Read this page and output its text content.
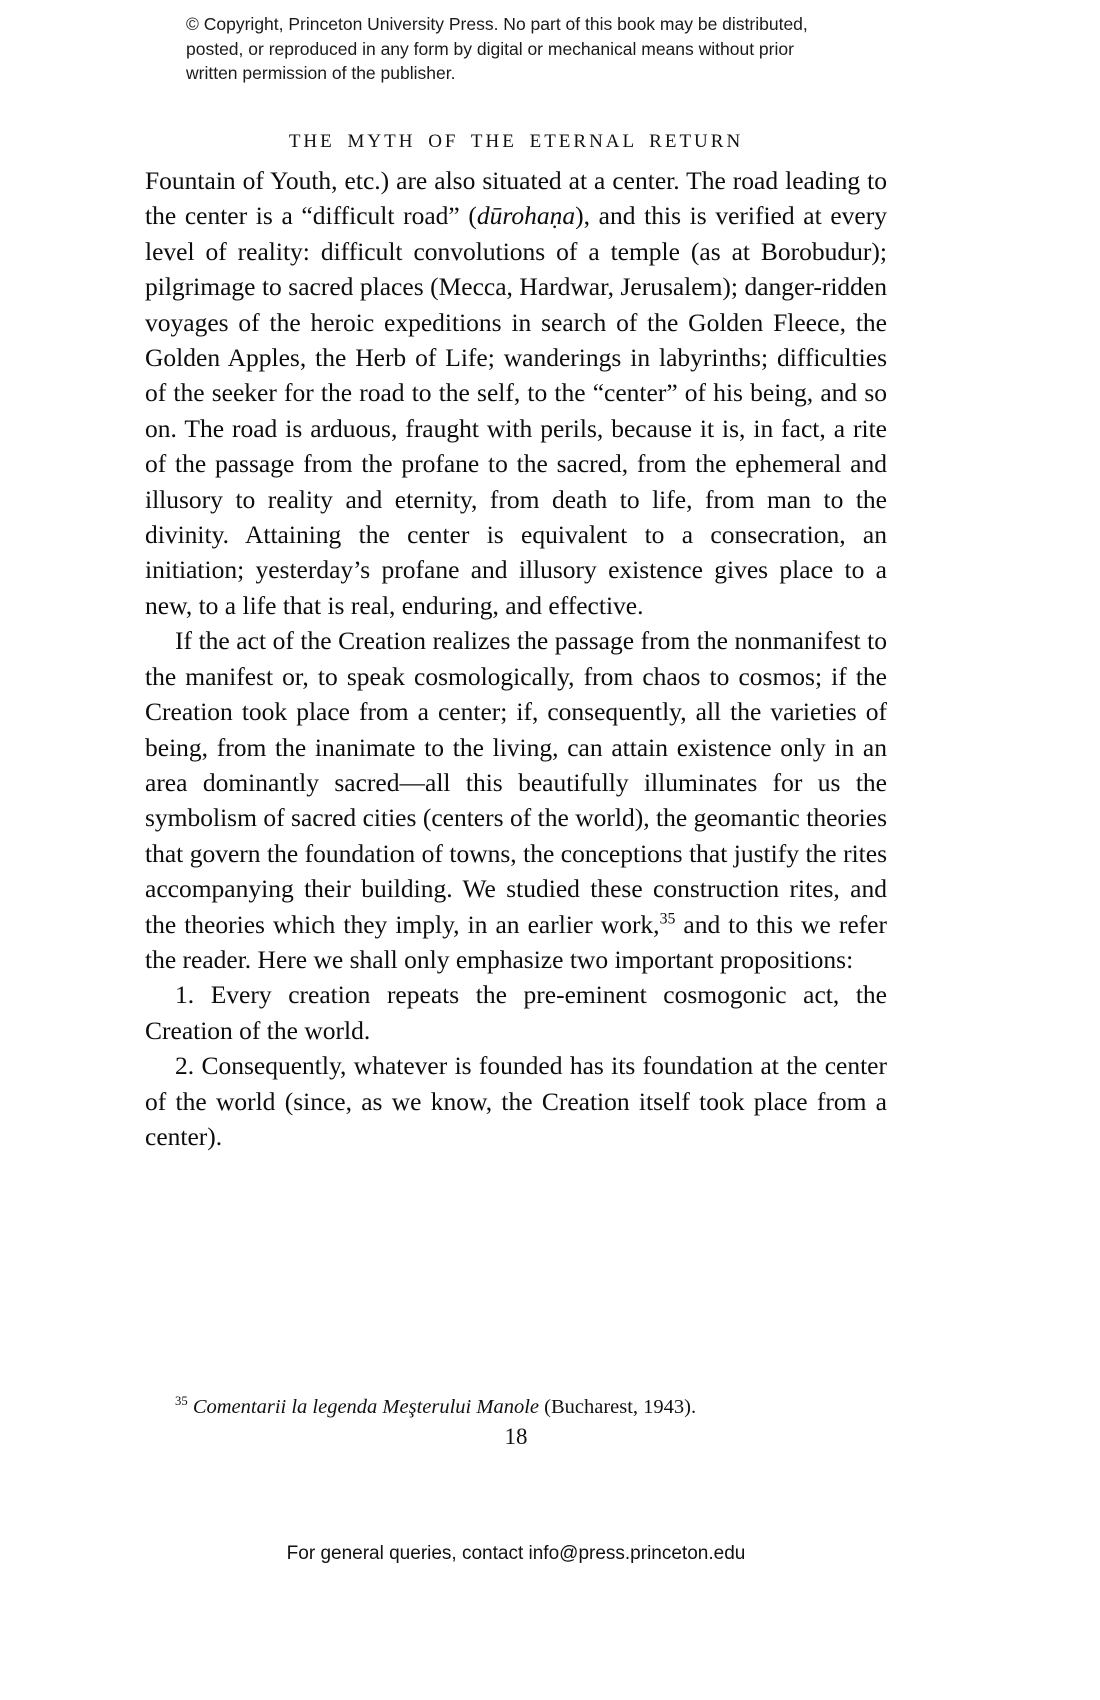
© Copyright, Princeton University Press. No part of this book may be distributed, posted, or reproduced in any form by digital or mechanical means without prior written permission of the publisher.
THE MYTH OF THE ETERNAL RETURN

Fountain of Youth, etc.) are also situated at a center. The road leading to the center is a “difficult road” (dūrohaṇa), and this is verified at every level of reality: difficult convolutions of a temple (as at Borobudur); pilgrimage to sacred places (Mecca, Hardwar, Jerusalem); danger-ridden voyages of the heroic expeditions in search of the Golden Fleece, the Golden Apples, the Herb of Life; wanderings in labyrinths; difficulties of the seeker for the road to the self, to the “center” of his being, and so on. The road is arduous, fraught with perils, because it is, in fact, a rite of the passage from the profane to the sacred, from the ephemeral and illusory to reality and eternity, from death to life, from man to the divinity. Attaining the center is equivalent to a consecration, an initiation; yesterday’s profane and illusory existence gives place to a new, to a life that is real, enduring, and effective.

If the act of the Creation realizes the passage from the nonmanifest to the manifest or, to speak cosmologically, from chaos to cosmos; if the Creation took place from a center; if, consequently, all the varieties of being, from the inanimate to the living, can attain existence only in an area dominantly sacred—all this beautifully illuminates for us the symbolism of sacred cities (centers of the world), the geomantic theories that govern the foundation of towns, the conceptions that justify the rites accompanying their building. We studied these construction rites, and the theories which they imply, in an earlier work,$^{35}$ and to this we refer the reader. Here we shall only emphasize two important propositions:

1. Every creation repeats the pre-eminent cosmogonic act, the Creation of the world.

2. Consequently, whatever is founded has its foundation at the center of the world (since, as we know, the Creation itself took place from a center).

$^{35}$ Comentarii la legenda Meşterului Manole (Bucharest, 1943).
18
For general queries, contact info@press.princeton.edu
